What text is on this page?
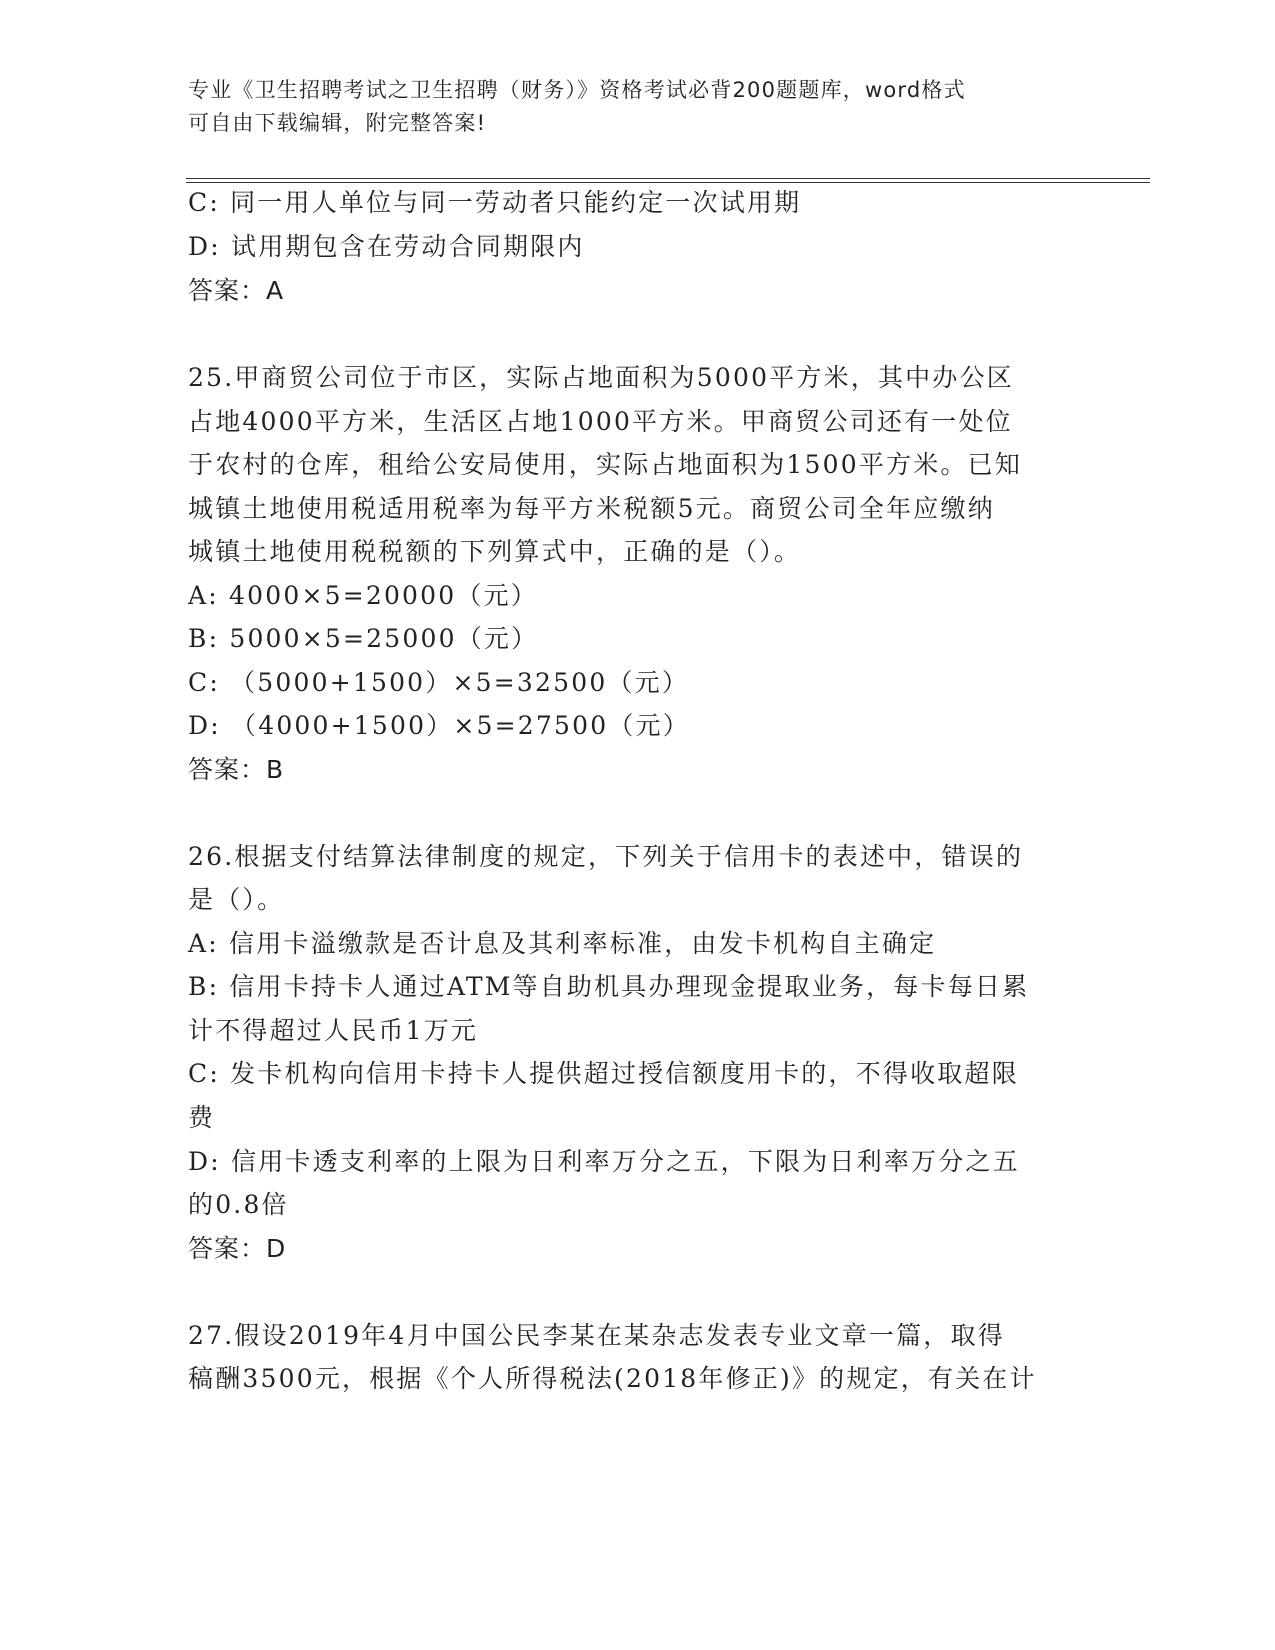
专业《卫生招聘考试之卫生招聘（财务）》资格考试必背200题题库，word格式
可自由下载编辑，附完整答案!
C: 同一用人单位与同一劳动者只能约定一次试用期
D: 试用期包含在劳动合同期限内
答案：A
25.甲商贸公司位于市区，实际占地面积为5000平方米，其中办公区
占地4000平方米，生活区占地1000平方米。甲商贸公司还有一处位
于农村的仓库，租给公安局使用，实际占地面积为1500平方米。已知
城镇土地使用税适用税率为每平方米税额5元。商贸公司全年应缴纳
城镇土地使用税税额的下列算式中，正确的是（）。
A: 4000×5=20000（元）
B: 5000×5=25000（元）
C: （5000+1500）×5=32500（元）
D: （4000+1500）×5=27500（元）
答案：B
26.根据支付结算法律制度的规定，下列关于信用卡的表述中，错误的
是（）。
A: 信用卡溢缴款是否计息及其利率标准，由发卡机构自主确定
B: 信用卡持卡人通过ATM等自助机具办理现金提取业务，每卡每日累
计不得超过人民币1万元
C: 发卡机构向信用卡持卡人提供超过授信额度用卡的，不得收取超限
费
D: 信用卡透支利率的上限为日利率万分之五，下限为日利率万分之五
的0.8倍
答案：D
27.假设2019年4月中国公民李某在某杂志发表专业文章一篇，取得
稿酬3500元，根据《个人所得税法(2018年修正)》的规定，有关在计
